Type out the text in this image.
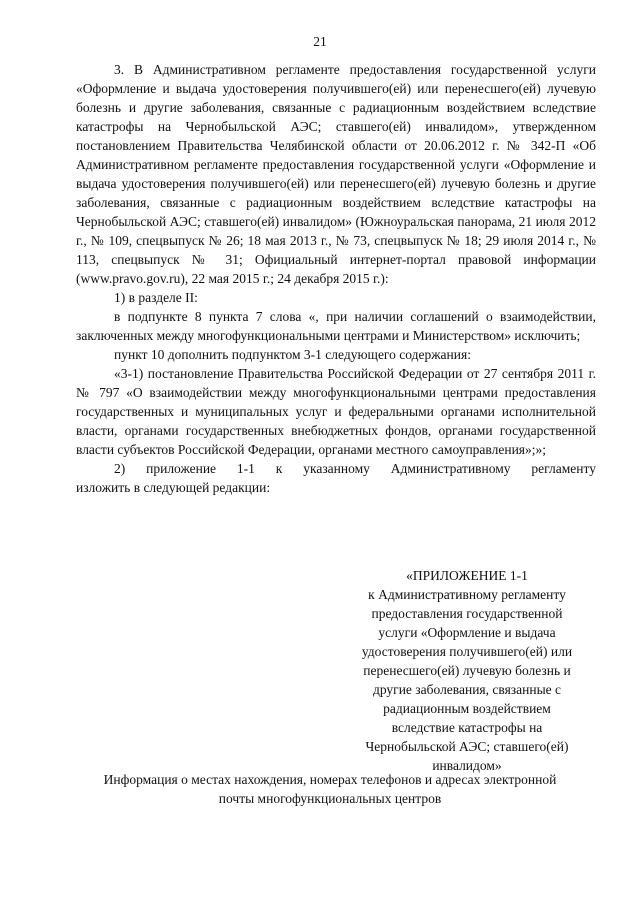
21

3. В Административном регламенте предоставления государственной услуги «Оформление и выдача удостоверения получившего(ей) или перенесшего(ей) лучевую болезнь и другие заболевания, связанные с радиационным воздействием вследствие катастрофы на Чернобыльской АЭС; ставшего(ей) инвалидом», утвержденном постановлением Правительства Челябинской области от 20.06.2012 г. № 342-П «Об Административном регламенте предоставления государственной услуги «Оформление и выдача удостоверения получившего(ей) или перенесшего(ей) лучевую болезнь и другие заболевания, связанные с радиационным воздействием вследствие катастрофы на Чернобыльской АЭС; ставшего(ей) инвалидом» (Южноуральская панорама, 21 июля 2012 г., № 109, спецвыпуск № 26; 18 мая 2013 г., № 73, спецвыпуск № 18; 29 июля 2014 г., № 113, спецвыпуск № 31; Официальный интернет-портал правовой информации (www.pravo.gov.ru), 22 мая 2015 г.; 24 декабря 2015 г.):

1) в разделе II:

в подпункте 8 пункта 7 слова «, при наличии соглашений о взаимодействии, заключенных между многофункциональными центрами и Министерством» исключить;

пункт 10 дополнить подпунктом 3-1 следующего содержания:

«3-1) постановление Правительства Российской Федерации от 27 сентября 2011 г. № 797 «О взаимодействии между многофункциональными центрами предоставления государственных и муниципальных услуг и федеральными органами исполнительной власти, органами государственных внебюджетных фондов, органами государственной власти субъектов Российской Федерации, органами местного самоуправления»;»;

2) приложение 1-1 к указанному Административному регламенту

изложить в следующей редакции:

«ПРИЛОЖЕНИЕ 1-1
к Административному регламенту
предоставления государственной
услуги «Оформление и выдача
удостоверения получившего(ей) или
перенесшего(ей) лучевую болезнь и
другие заболевания, связанные с
радиационным воздействием
вследствие катастрофы на
Чернобыльской АЭС; ставшего(ей)
инвалидом»
Информация о местах нахождения, номерах телефонов и адресах электронной
почты многофункциональных центров
